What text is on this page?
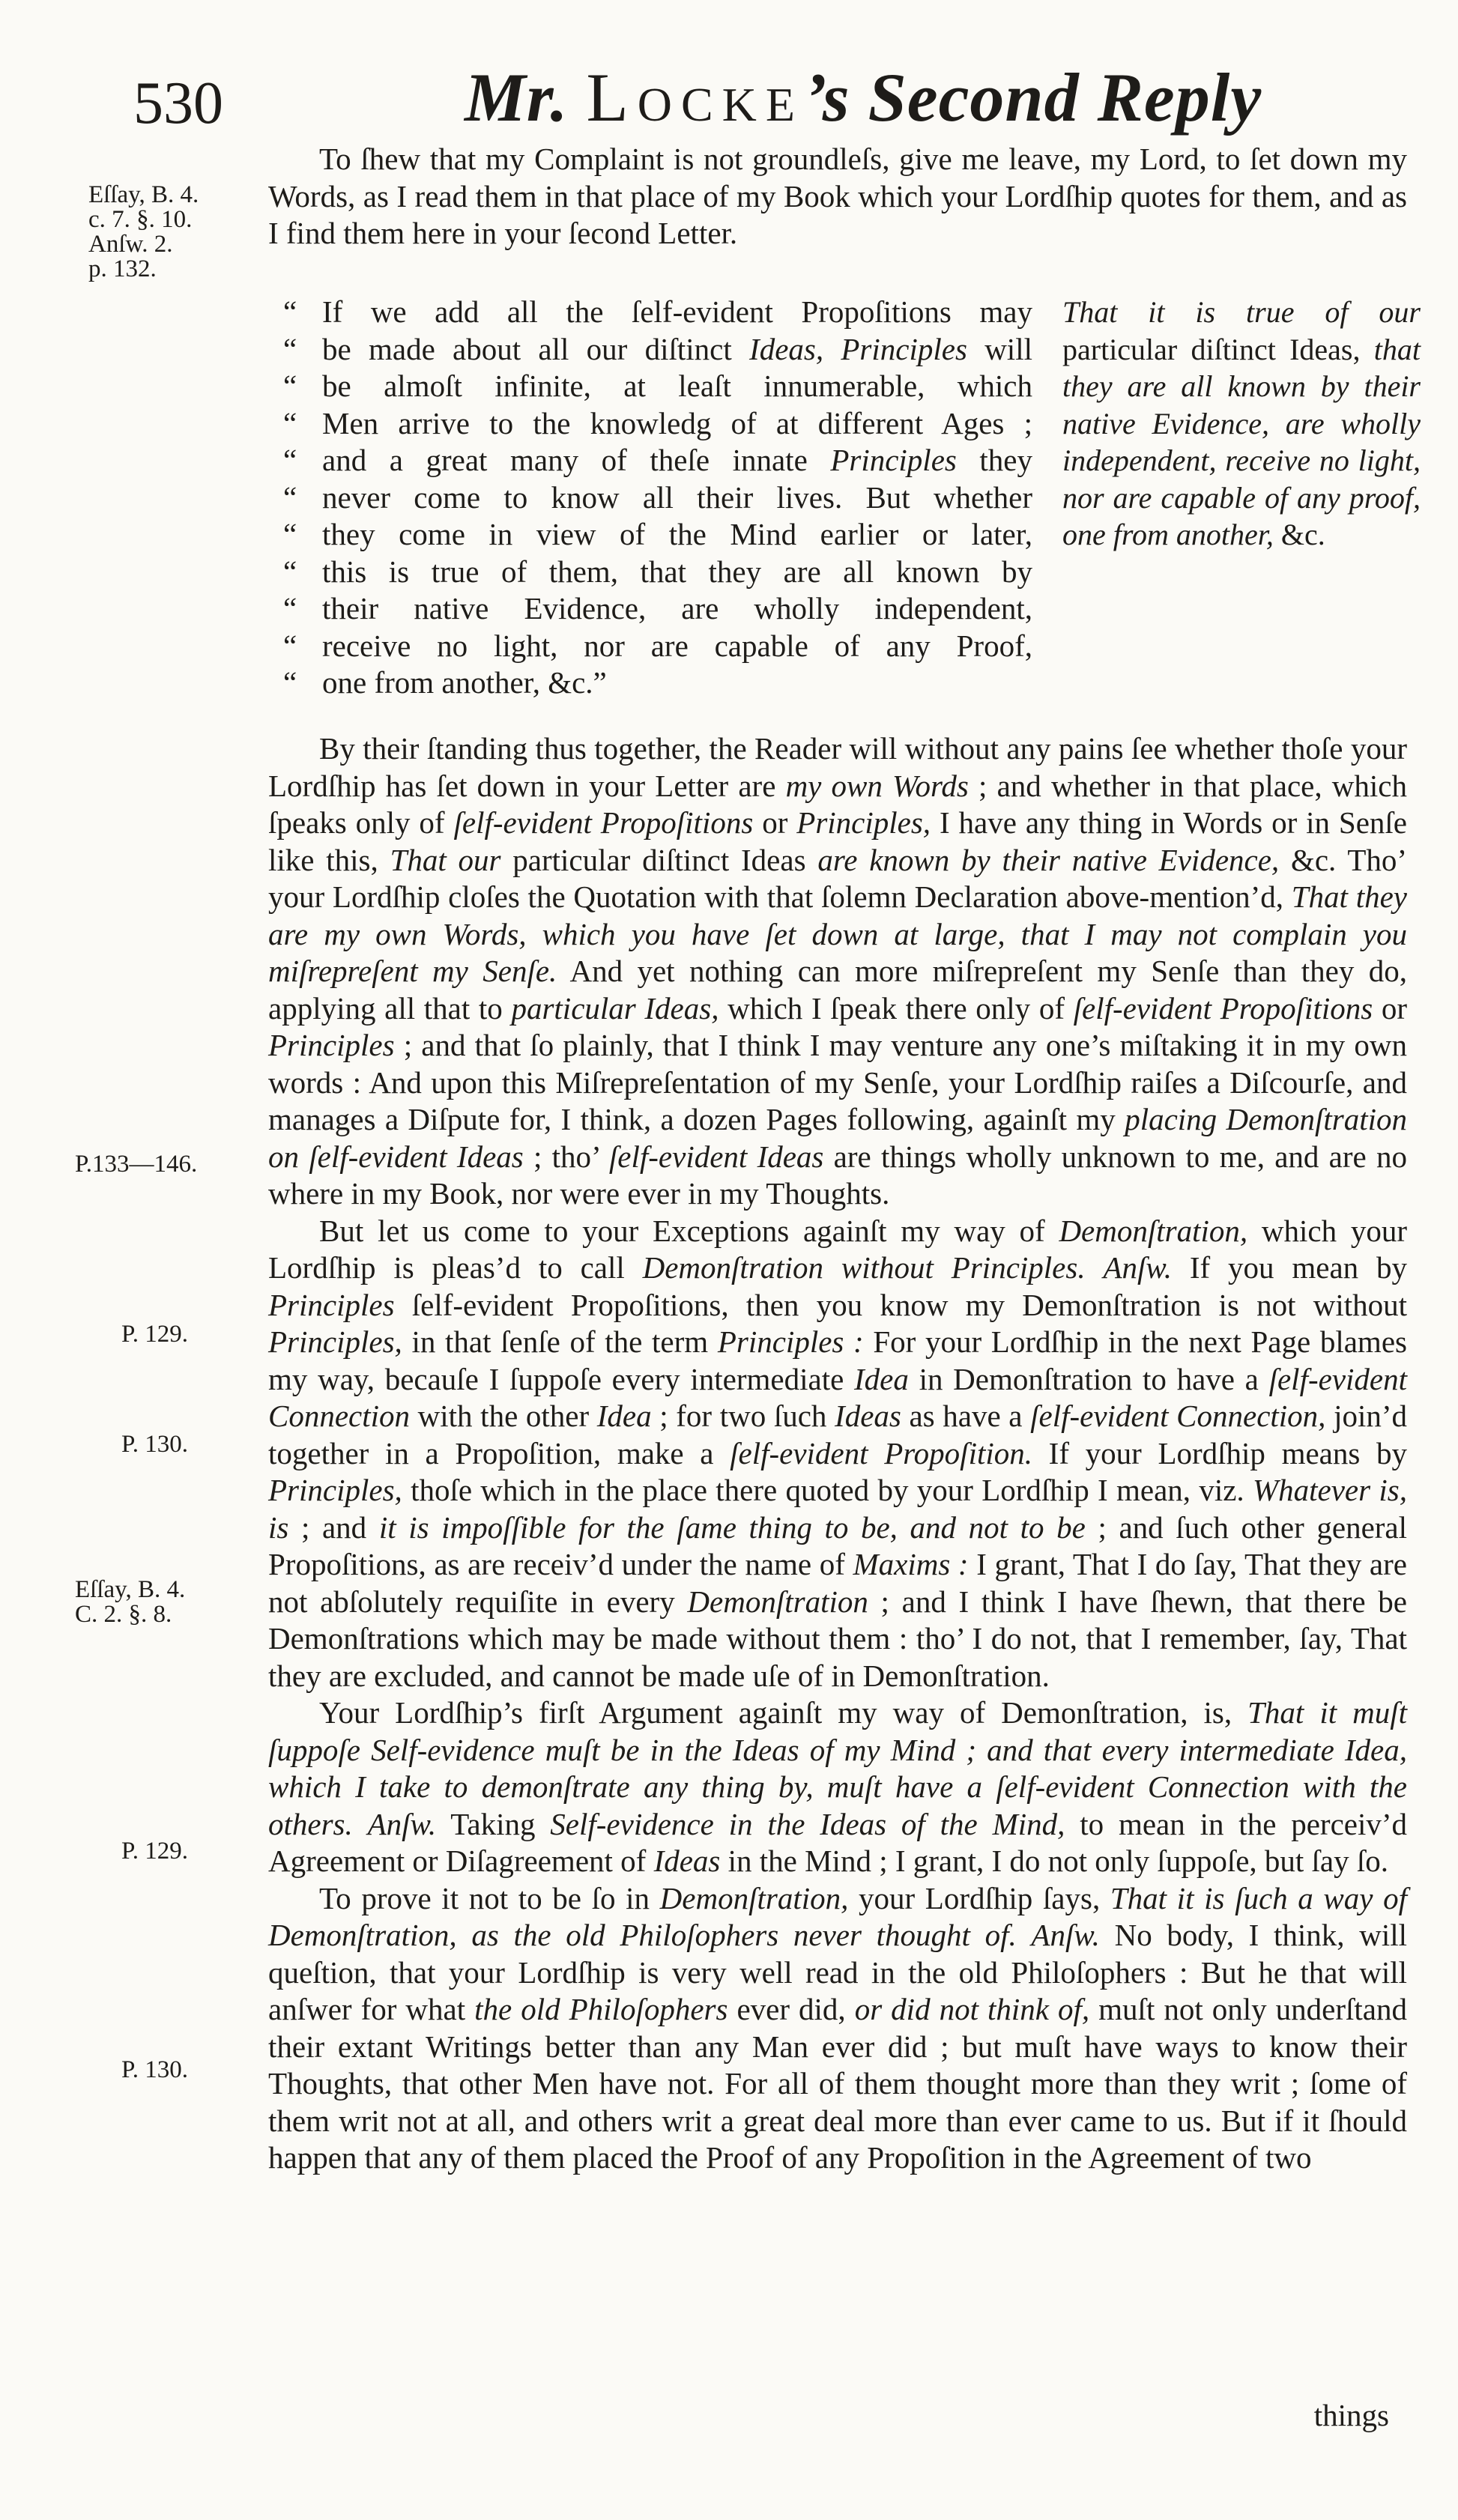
530	Mr. Locke’s Second Reply
Eſſay, B. 4.
c. 7. §. 10.
Anſw. 2.
p. 132.
P.133—146.
P. 129.
P. 130.
Eſſay, B. 4.
C. 2. §. 8.
P. 129.
P. 130.

To ſhew that my Complaint is not groundleſs, give me leave, my Lord, to ſet down my Words, as I read them in that place of my Book which your Lordſhip quotes for them, and as I find them here in your ſecond Letter.

“ If we add all the ſelf-evident Propoſitions may
“ be made about all our diſtinct Ideas, Principles will
“ be almoſt infinite, at leaſt innumerable, which
“ Men arrive to the knowledg of at different Ages ;
“ and a great many of theſe innate Principles they
“ never come to know all their lives. But whether
“ they come in view of the Mind earlier or later,
“ this is true of them, that they are all known by
“ their native Evidence, are wholly independent,
“ receive no light, nor are capable of any Proof,
“ one from another, &c.”
That it is true of our particular diſtinct Ideas, that they are all known by their native Evidence, are wholly independent, receive no light, nor are capable of any proof, one from another, &c.

By their ſtanding thus together, the Reader will without any pains ſee whether thoſe your Lordſhip has ſet down in your Letter are my own Words ; and whether in that place, which ſpeaks only of ſelf-evident Propoſitions or Principles, I have any thing in Words or in Senſe like this, That our particular diſtinct Ideas are known by their native Evidence, &c. Tho’ your Lordſhip cloſes the Quotation with that ſolemn Declaration above-mention’d, That they are my own Words, which you have ſet down at large, that I may not complain you miſrepreſent my Senſe. And yet nothing can more miſrepreſent my Senſe than they do, applying all that to particular Ideas, which I ſpeak there only of ſelf-evident Propoſitions or Principles ; and that ſo plainly, that I think I may venture any one’s miſtaking it in my own words : And upon this Miſrepreſentation of my Senſe, your Lordſhip raiſes a Diſcourſe, and manages a Diſpute for, I think, a dozen Pages following, againſt my placing Demonſtration on ſelf-evident Ideas ; tho’ ſelf-evident Ideas are things wholly unknown to me, and are no where in my Book, nor were ever in my Thoughts.

But let us come to your Exceptions againſt my way of Demonſtration, which your Lordſhip is pleas’d to call Demonſtration without Principles. Anſw. If you mean by Principles ſelf-evident Propoſitions, then you know my Demonſtration is not without Principles, in that ſenſe of the term Principles : For your Lordſhip in the next Page blames my way, becauſe I ſuppoſe every intermediate Idea in Demonſtration to have a ſelf-evident Connection with the other Idea ; for two ſuch Ideas as have a ſelf-evident Connection, join’d together in a Propoſition, make a ſelf-evident Propoſition. If your Lordſhip means by Principles, thoſe which in the place there quoted by your Lordſhip I mean, viz. Whatever is, is ; and it is impoſſible for the ſame thing to be, and not to be ; and ſuch other general Propoſitions, as are receiv’d under the name of Maxims : I grant, That I do ſay, That they are not abſolutely requiſite in every Demonſtration ; and I think I have ſhewn, that there be Demonſtrations which may be made without them : tho’ I do not, that I remember, ſay, That they are excluded, and cannot be made uſe of in Demonſtration.

Your Lordſhip’s firſt Argument againſt my way of Demonſtration, is, That it muſt ſuppoſe Self-evidence muſt be in the Ideas of my Mind ; and that every intermediate Idea, which I take to demonſtrate any thing by, muſt have a ſelf-evident Connection with the others. Anſw. Taking Self-evidence in the Ideas of the Mind, to mean in the perceiv’d Agreement or Diſagreement of Ideas in the Mind ; I grant, I do not only ſuppoſe, but ſay ſo.

To prove it not to be ſo in Demonſtration, your Lordſhip ſays, That it is ſuch a way of Demonſtration, as the old Philoſophers never thought of. Anſw. No body, I think, will queſtion, that your Lordſhip is very well read in the old Philoſophers : But he that will anſwer for what the old Philoſophers ever did, or did not think of, muſt not only underſtand their extant Writings better than any Man ever did ; but muſt have ways to know their Thoughts, that other Men have not. For all of them thought more than they writ ; ſome of them writ not at all, and others writ a great deal more than ever came to us. But if it ſhould happen that any of them placed the Proof of any Propoſition in the Agreement of two

things
